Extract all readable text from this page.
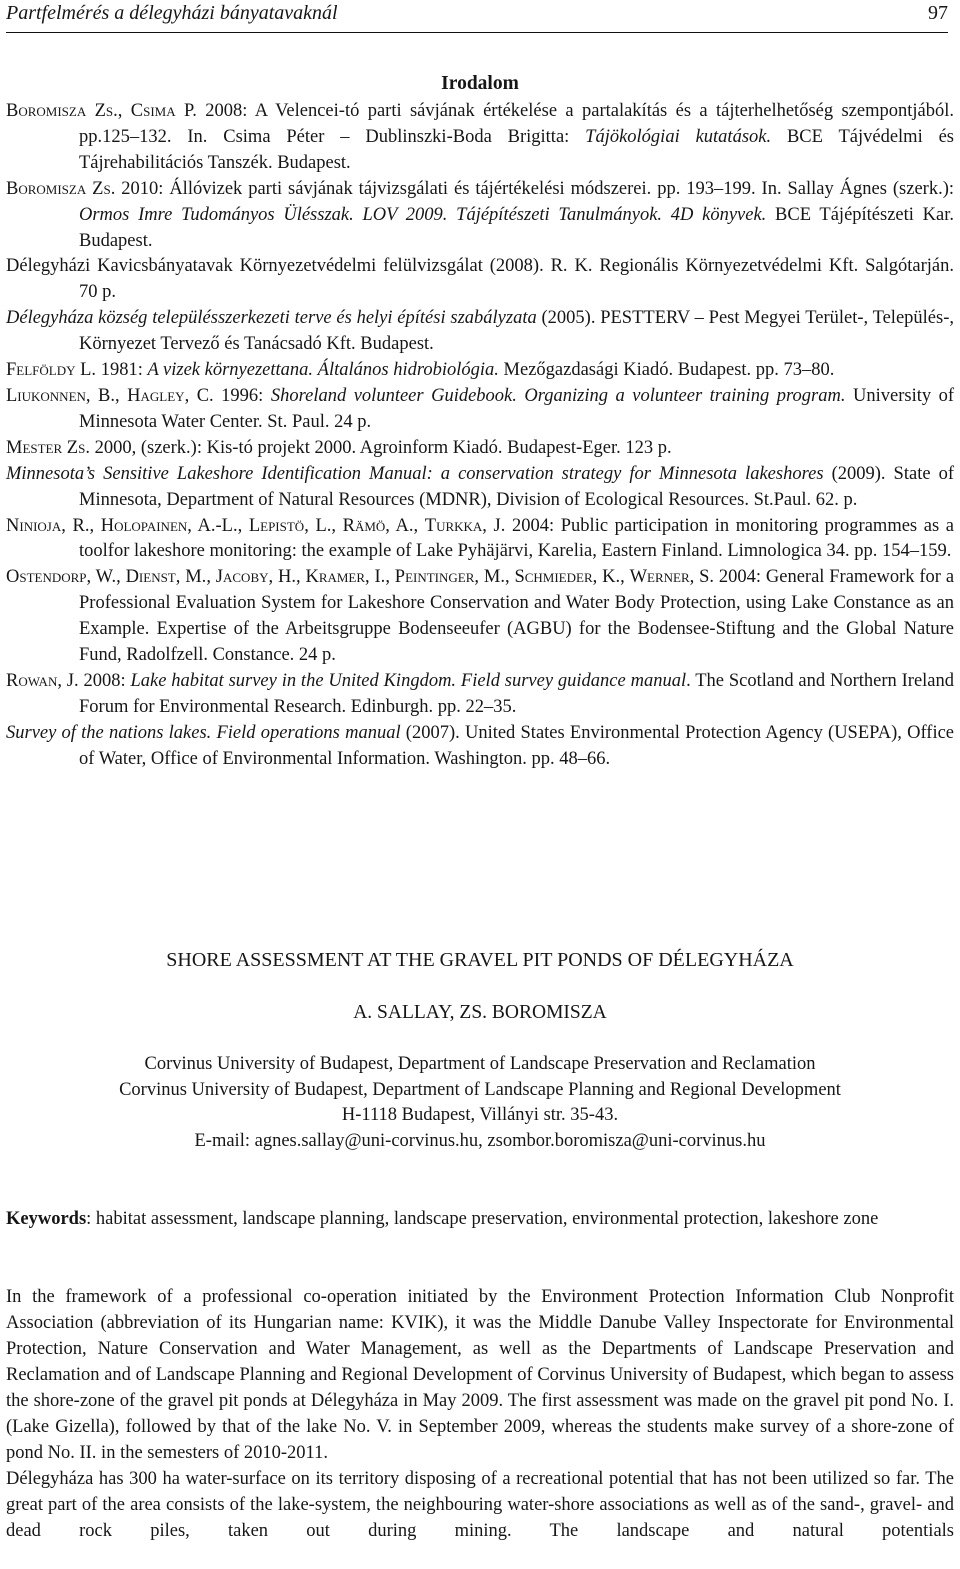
Partfelmérés a délegyházi bányatavaknál	97
Irodalom
Boromisza Zs., Csima P. 2008: A Velencei-tó parti sávjának értékelése a partalakítás és a tájterhelhetőség szempontjából. pp.125–132. In. Csima Péter – Dublinszki-Boda Brigitta: Tájökológiai kutatások. BCE Tájvédelmi és Tájrehabilitációs Tanszék. Budapest.
Boromisza Zs. 2010: Állóvizek parti sávjának tájvizsgálati és tájértékelési módszerei. pp. 193–199. In. Sallay Ágnes (szerk.): Ormos Imre Tudományos Ülésszak. LOV 2009. Tájépítészeti Tanulmányok. 4D könyvek. BCE Tájépítészeti Kar. Budapest.
Délegyházi Kavicsbányatavak Környezetvédelmi felülvizsgálat (2008). R. K. Regionális Környezetvédelmi Kft. Salgótarján. 70 p.
Délegyháza község településszerkezeti terve és helyi építési szabályzata (2005). PESTTERV – Pest Megyei Terület-, Település-, Környezet Tervező és Tanácsadó Kft. Budapest.
Felföldy L. 1981: A vizek környezettana. Általános hidrobiológia. Mezőgazdasági Kiadó. Budapest. pp. 73–80.
Liukonnen, B., Hagley, C. 1996: Shoreland volunteer Guidebook. Organizing a volunteer training program. University of Minnesota Water Center. St. Paul. 24 p.
Mester Zs. 2000, (szerk.): Kis-tó projekt 2000. Agroinform Kiadó. Budapest-Eger. 123 p.
Minnesota’s Sensitive Lakeshore Identification Manual: a conservation strategy for Minnesota lakeshores (2009). State of Minnesota, Department of Natural Resources (MDNR), Division of Ecological Resources. St.Paul. 62. p.
Ninioja, R., Holopainen, A.-L., Lepistö, L., Rämö, A., Turkka, J. 2004: Public participation in monitoring programmes as a toolfor lakeshore monitoring: the example of Lake Pyhäjärvi, Karelia, Eastern Finland. Limnologica 34. pp. 154–159.
Ostendorp, W., Dienst, M., Jacoby, H., Kramer, I., Peintinger, M., Schmieder, K., Werner, S. 2004: General Framework for a Professional Evaluation System for Lakeshore Conservation and Water Body Protection, using Lake Constance as an Example. Expertise of the Arbeitsgruppe Bodenseeufer (AGBU) for the Bodensee-Stiftung and the Global Nature Fund, Radolfzell. Constance. 24 p.
Rowan, J. 2008: Lake habitat survey in the United Kingdom. Field survey guidance manual. The Scotland and Northern Ireland Forum for Environmental Research. Edinburgh. pp. 22–35.
Survey of the nations lakes. Field operations manual (2007). United States Environmental Protection Agency (USEPA), Office of Water, Office of Environmental Information. Washington. pp. 48–66.
SHORE ASSESSMENT AT THE GRAVEL PIT PONDS OF DÉLEGYHÁZA
A. SALLAY, ZS. BOROMISZA
Corvinus University of Budapest, Department of Landscape Preservation and Reclamation
Corvinus University of Budapest, Department of Landscape Planning and Regional Development
H-1118 Budapest, Villányi str. 35-43.
E-mail: agnes.sallay@uni-corvinus.hu, zsombor.boromisza@uni-corvinus.hu
Keywords: habitat assessment, landscape planning, landscape preservation, environmental protection, lakeshore zone

In the framework of a professional co-operation initiated by the Environment Protection Information Club Nonprofit Association (abbreviation of its Hungarian name: KVIK), it was the Middle Danube Valley Inspectorate for Environmental Protection, Nature Conservation and Water Management, as well as the Departments of Landscape Preservation and Reclamation and of Landscape Planning and Regional Development of Corvinus University of Budapest, which began to assess the shore-zone of the gravel pit ponds at Délegyháza in May 2009. The first assessment was made on the gravel pit pond No. I. (Lake Gizella), followed by that of the lake No. V. in September 2009, whereas the students make survey of a shore-zone of pond No. II. in the semesters of 2010-2011.

Délegyháza has 300 ha water-surface on its territory disposing of a recreational potential that has not been utilized so far. The great part of the area consists of the lake-system, the neighbouring water-shore associations as well as of the sand-, gravel- and dead rock piles, taken out during mining. The landscape and natural potentials
